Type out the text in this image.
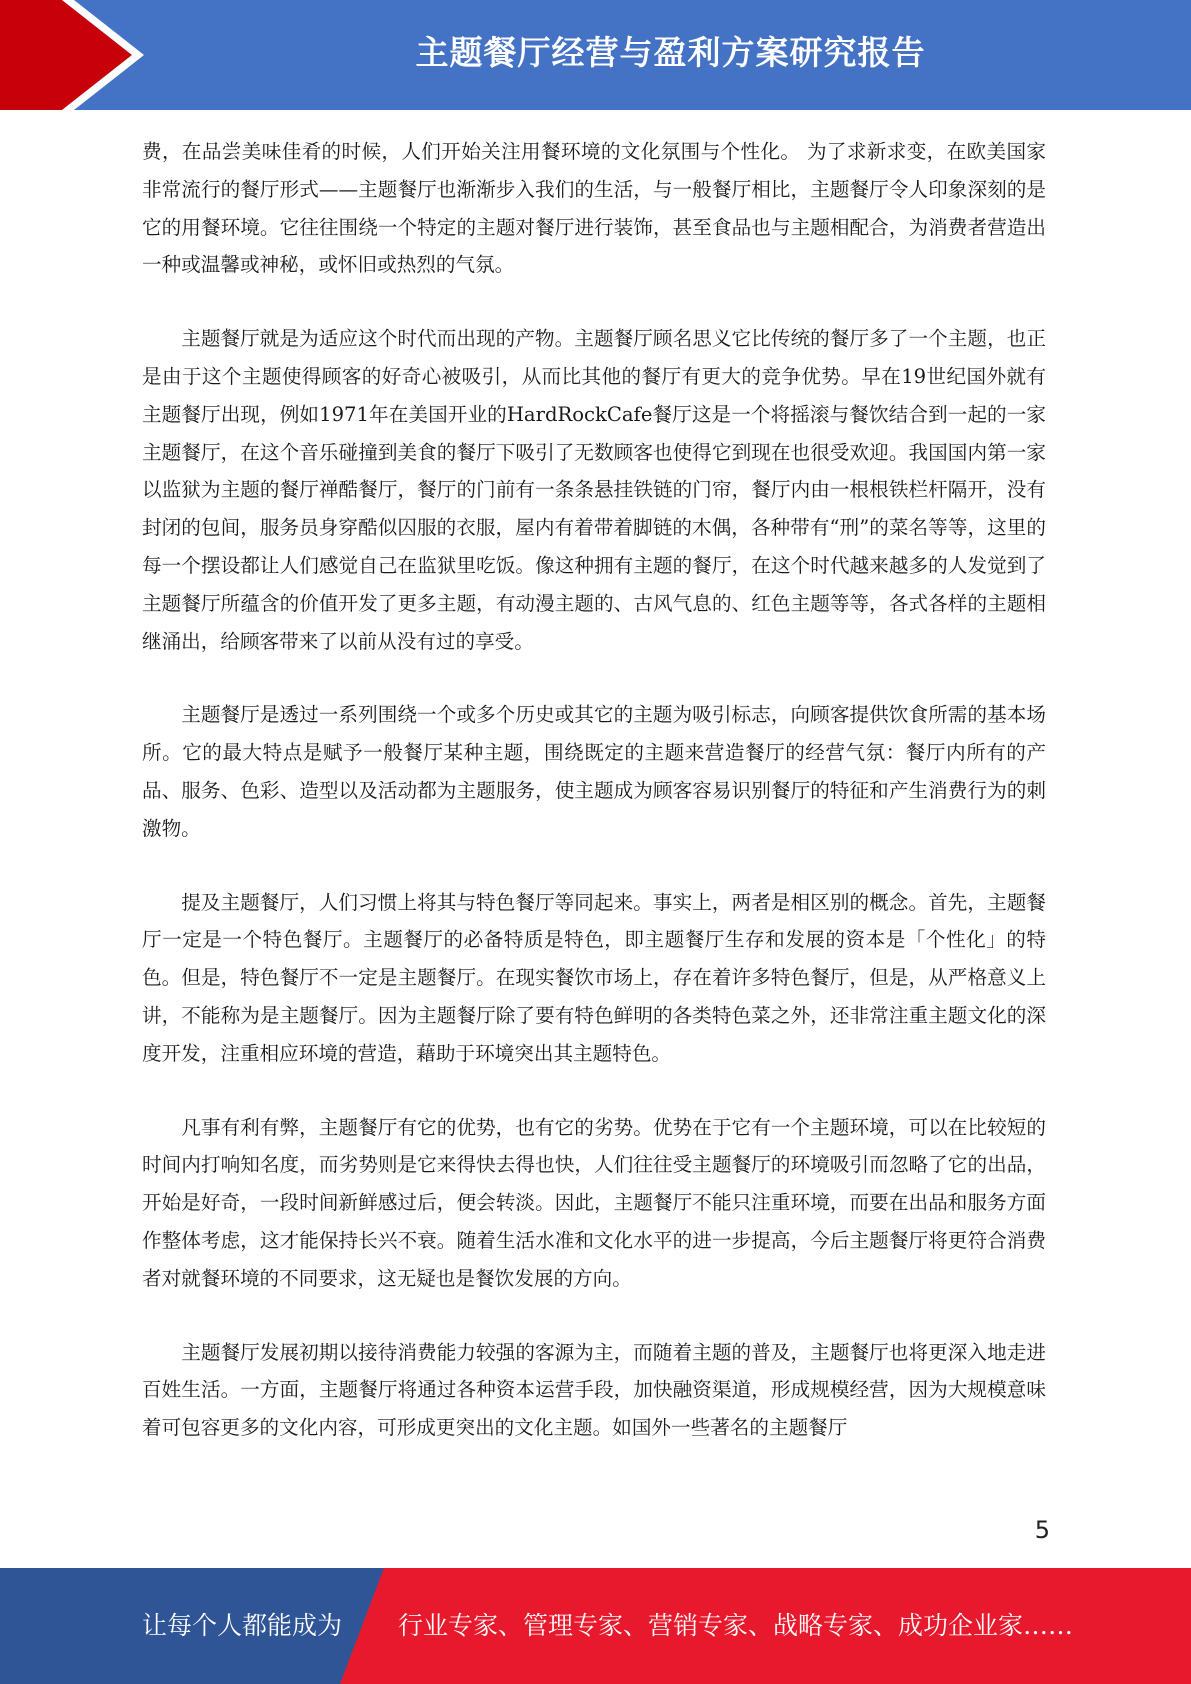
主题餐厅经营与盈利方案研究报告

费，在品尝美味佳肴的时候，人们开始关注用餐环境的文化氛围与个性化。 为了求新求变，在欧美国家非常流行的餐厅形式——主题餐厅也渐渐步入我们的生活，与一般餐厅相比，主题餐厅令人印象深刻的是它的用餐环境。它往往围绕一个特定的主题对餐厅进行装饰，甚至食品也与主题相配合，为消费者营造出一种或温馨或神秘，或怀旧或热烈的气氛。

主题餐厅就是为适应这个时代而出现的产物。主题餐厅顾名思义它比传统的餐厅多了一个主题，也正是由于这个主题使得顾客的好奇心被吸引，从而比其他的餐厅有更大的竞争优势。早在19世纪国外就有主题餐厅出现，例如1971年在美国开业的HardRockCafe餐厅这是一个将摇滚与餐饮结合到一起的一家主题餐厅，在这个音乐碰撞到美食的餐厅下吸引了无数顾客也使得它到现在也很受欢迎。我国国内第一家以监狱为主题的餐厅禅酷餐厅，餐厅的门前有一条条悬挂铁链的门帘，餐厅内由一根根铁栏杆隔开，没有封闭的包间，服务员身穿酷似囚服的衣服，屋内有着带着脚链的木偶，各种带有“刑”的菜名等等，这里的每一个摆设都让人们感觉自己在监狱里吃饭。像这种拥有主题的餐厅，在这个时代越来越多的人发觉到了主题餐厅所蕴含的价值开发了更多主题，有动漫主题的、古风气息的、红色主题等等，各式各样的主题相继涌出，给顾客带来了以前从没有过的享受。

主题餐厅是透过一系列围绕一个或多个历史或其它的主题为吸引标志，向顾客提供饮食所需的基本场所。它的最大特点是赋予一般餐厅某种主题，围绕既定的主题来营造餐厅的经营气氛：餐厅内所有的产品、服务、色彩、造型以及活动都为主题服务，使主题成为顾客容易识别餐厅的特征和产生消费行为的刺激物。

提及主题餐厅，人们习惯上将其与特色餐厅等同起来。事实上，两者是相区别的概念。首先，主题餐厅一定是一个特色餐厅。主题餐厅的必备特质是特色，即主题餐厅生存和发展的资本是「个性化」的特色。但是，特色餐厅不一定是主题餐厅。在现实餐饮市场上，存在着许多特色餐厅，但是，从严格意义上讲，不能称为是主题餐厅。因为主题餐厅除了要有特色鲜明的各类特色菜之外，还非常注重主题文化的深度开发，注重相应环境的营造，藉助于环境突出其主题特色。

凡事有利有弊，主题餐厅有它的优势，也有它的劣势。优势在于它有一个主题环境，可以在比较短的时间内打响知名度，而劣势则是它来得快去得也快，人们往往受主题餐厅的环境吸引而忽略了它的出品，开始是好奇，一段时间新鲜感过后，便会转淡。因此，主题餐厅不能只注重环境，而要在出品和服务方面作整体考虑，这才能保持长兴不衰。随着生活水准和文化水平的进一步提高，今后主题餐厅将更符合消费者对就餐环境的不同要求，这无疑也是餐饮发展的方向。

主题餐厅发展初期以接待消费能力较强的客源为主，而随着主题的普及，主题餐厅也将更深入地走进百姓生活。一方面，主题餐厅将通过各种资本运营手段，加快融资渠道，形成规模经营，因为大规模意味着可包容更多的文化内容，可形成更突出的文化主题。如国外一些著名的主题餐厅

5
让每个人都能成为 行业专家、管理专家、营销专家、战略专家、成功企业家……
